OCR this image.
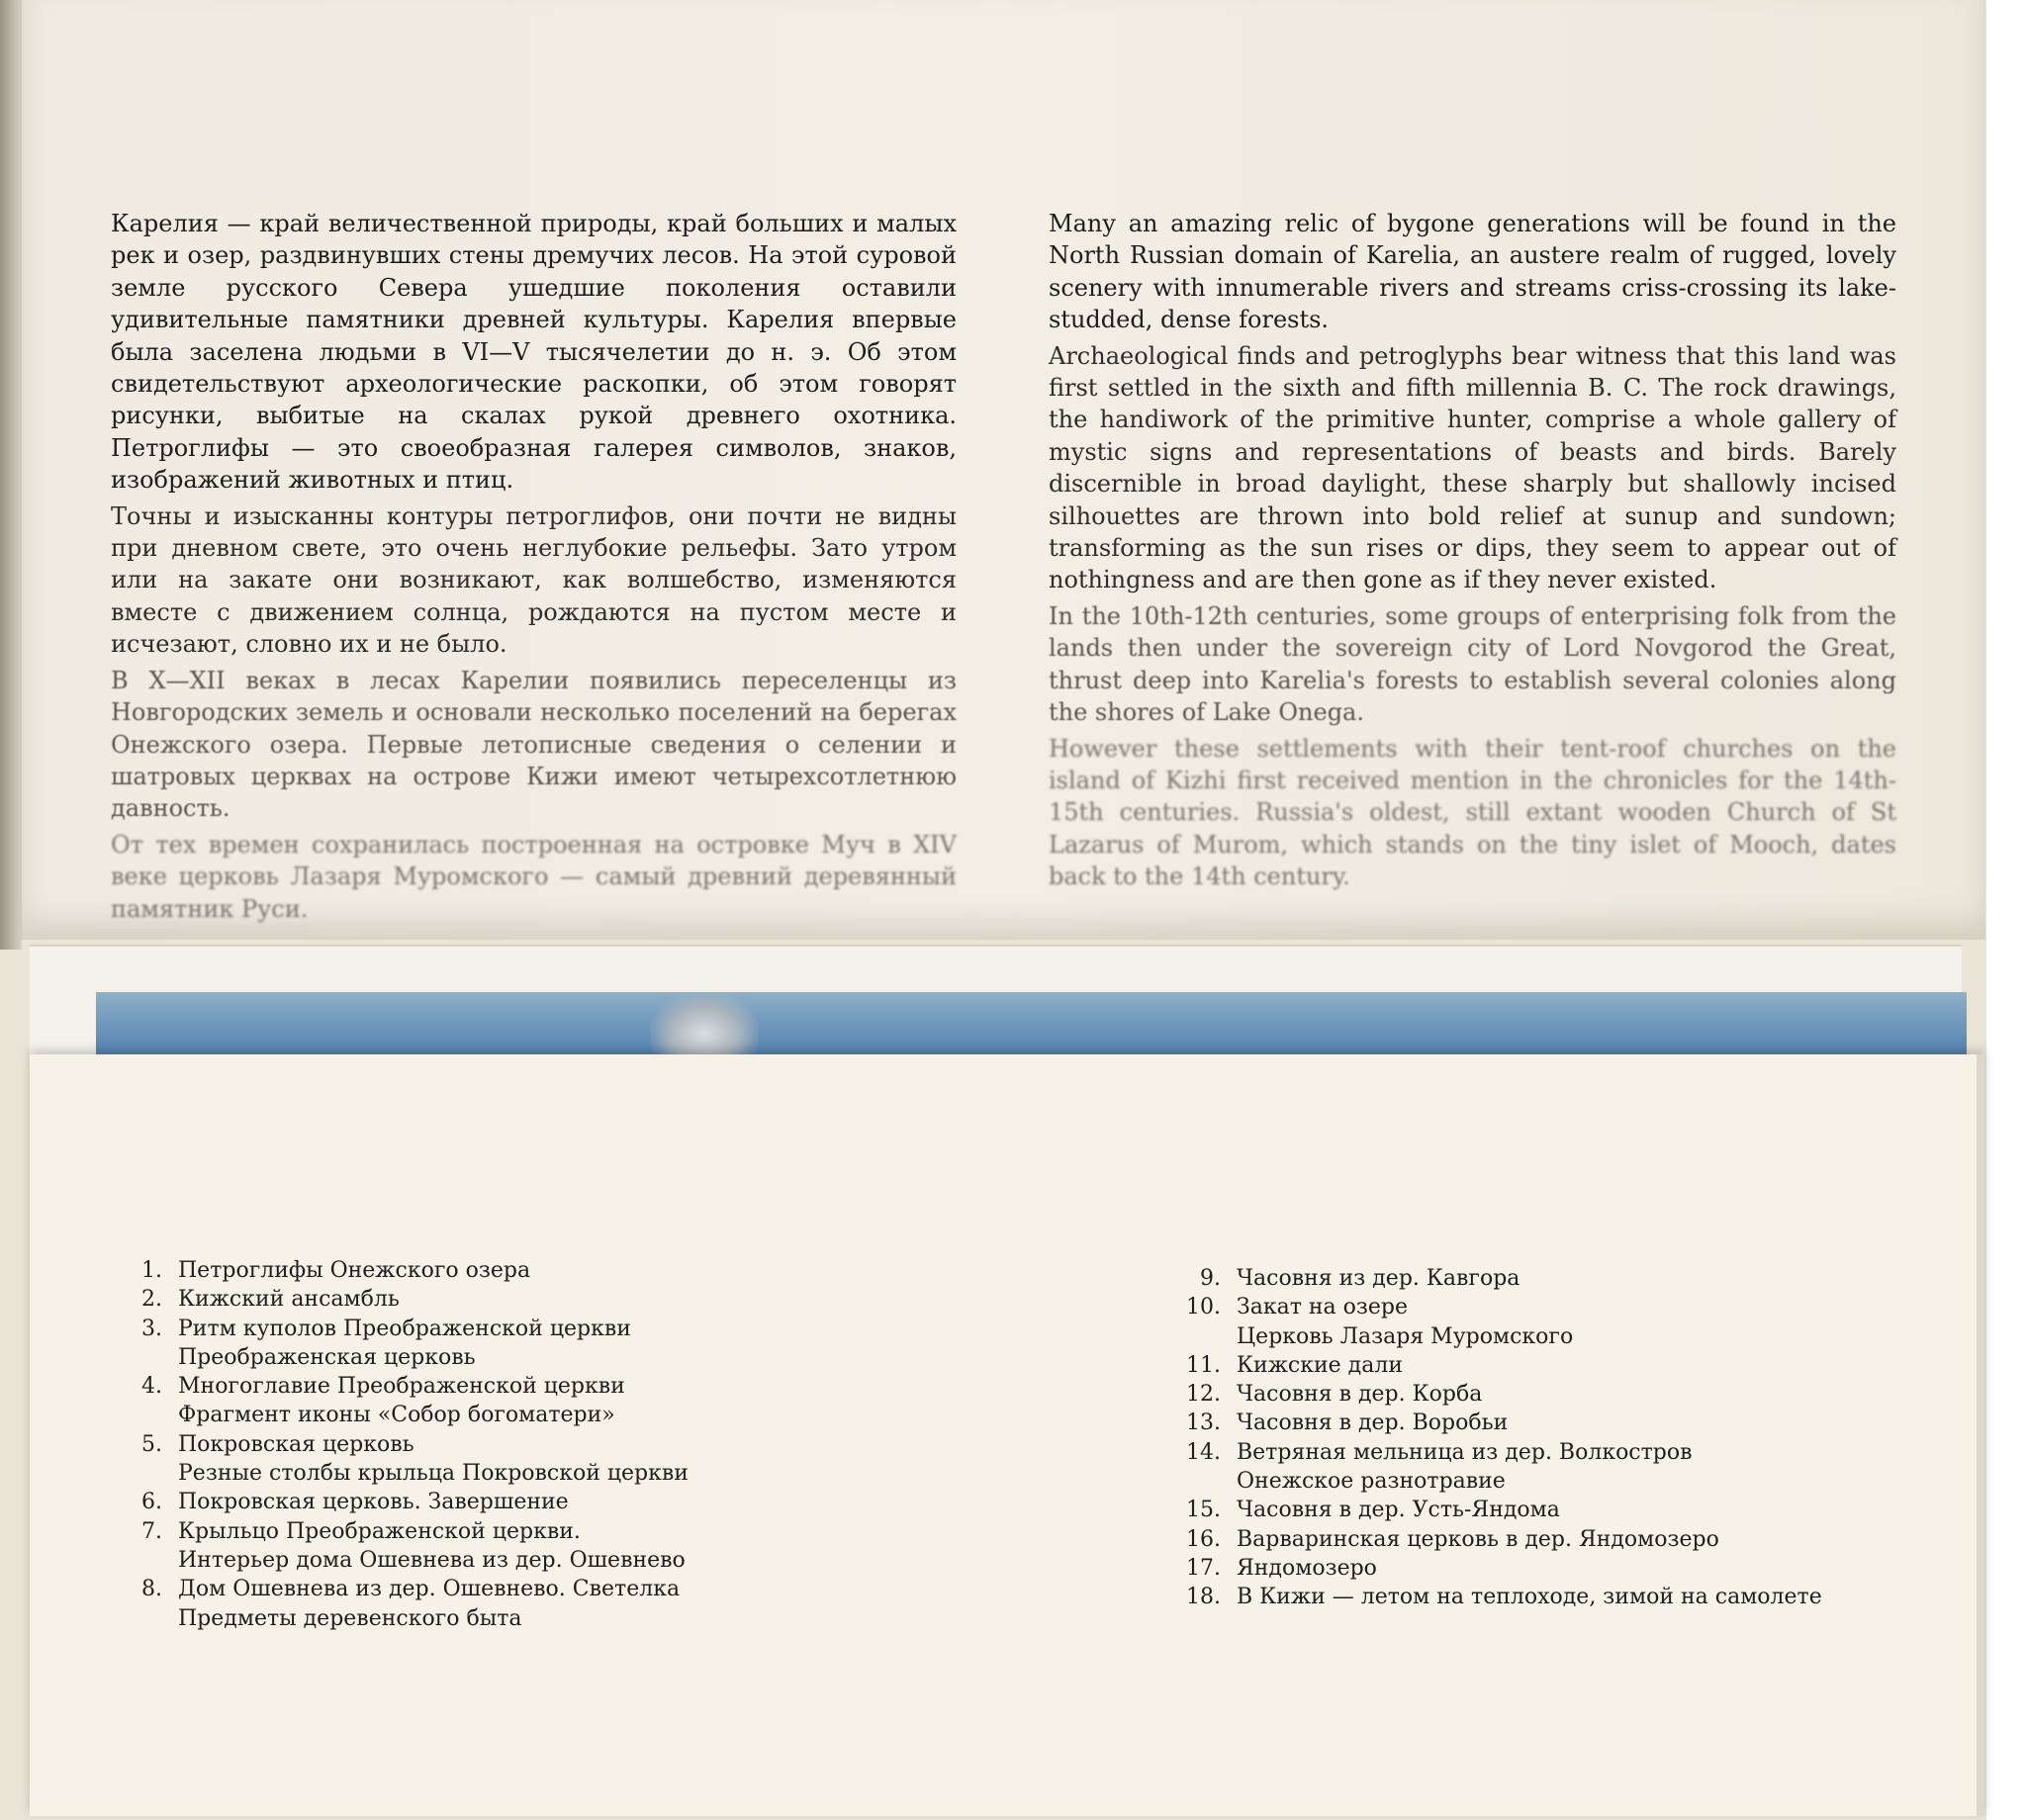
Карелия — край величественной природы, край больших и малых рек и озер, раздвинувших стены дремучих лесов. На этой суровой земле русского Севера ушедшие поколения оставили удивительные памятники древней культуры. Карелия впервые была заселена людьми в VI—V тысячелетии до н. э. Об этом свидетельствуют археологические раскопки, об этом говорят рисунки, выбитые на скалах рукой древнего охотника. Петроглифы — это своеобразная галерея символов, знаков, изображений животных и птиц.

Точны и изысканны контуры петроглифов, они почти не видны при дневном свете, это очень неглубокие рельефы. Зато утром или на закате они возникают, как волшебство, изменяются вместе с движением солнца, рождаются на пустом месте и исчезают, словно их и не было.

В X—XII веках в лесах Карелии появились переселенцы из Новгородских земель и основали несколько поселений на берегах Онежского озера. Первые летописные сведения о селении и шатровых церквах на острове Кижи имеют четырехсотлетнюю давность.

От тех времен сохранилась построенная на островке Муч в XIV веке церковь Лазаря Муромского — самый древний деревянный памятник Руси.

Many an amazing relic of bygone generations will be found in the North Russian domain of Karelia, an austere realm of rugged, lovely scenery with innumerable rivers and streams criss-crossing its lake-studded, dense forests.

Archaeological finds and petroglyphs bear witness that this land was first settled in the sixth and fifth millennia B. C. The rock drawings, the handiwork of the primitive hunter, comprise a whole gallery of mystic signs and representations of beasts and birds. Barely discernible in broad daylight, these sharply but shallowly incised silhouettes are thrown into bold relief at sunup and sundown; transforming as the sun rises or dips, they seem to appear out of nothingness and are then gone as if they never existed.

In the 10th-12th centuries, some groups of enterprising folk from the lands then under the sovereign city of Lord Novgorod the Great, thrust deep into Karelia's forests to establish several colonies along the shores of Lake Onega.

However these settlements with their tent-roof churches on the island of Kizhi first received mention in the chronicles for the 14th-15th centuries. Russia's oldest, still extant wooden Church of St Lazarus of Murom, which stands on the tiny islet of Mooch, dates back to the 14th century.

1. Петроглифы Онежского озера
2. Кижский ансамбль
3. Ритм куполов Преображенской церкви
Преображенская церковь
4. Многоглавие Преображенской церкви
Фрагмент иконы «Собор богоматери»
5. Покровская церковь
Резные столбы крыльца Покровской церкви
6. Покровская церковь. Завершение
7. Крыльцо Преображенской церкви.
Интерьер дома Ошевнева из дер. Ошевнево
8. Дом Ошевнева из дер. Ошевнево. Светелка
Предметы деревенского быта
9. Часовня из дер. Кавгора
10. Закат на озере
Церковь Лазаря Муромского
11. Кижские дали
12. Часовня в дер. Корба
13. Часовня в дер. Воробьи
14. Ветряная мельница из дер. Волкостров
Онежское разнотравие
15. Часовня в дер. Усть-Яндома
16. Варваринская церковь в дер. Яндомозеро
17. Яндомозеро
18. В Кижи — летом на теплоходе, зимой на самолете
